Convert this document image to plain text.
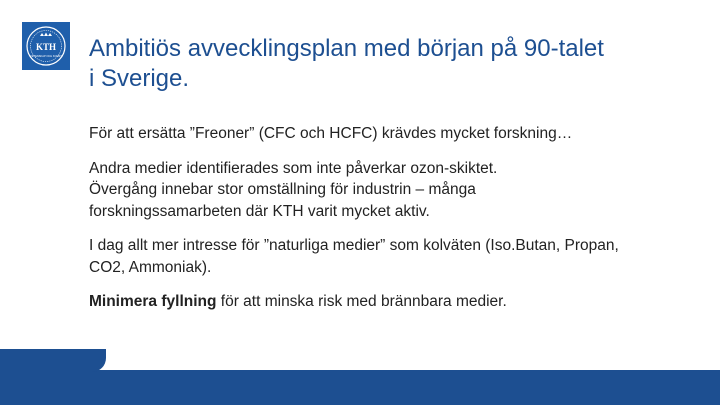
KTH
VETENSKAP OCH KONST Ambitiös avvecklingsplan med början på 90-talet
i Sverige.

För att ersätta ”Freoner” (CFC och HCFC) krävdes mycket forskning…

Andra medier identifierades som inte påverkar ozon-skiktet.
Övergång innebar stor omställning för industrin – många
forskningssamarbeten där KTH varit mycket aktiv.

I dag allt mer intresse för ”naturliga medier” som kolväten (Iso.Butan, Propan,
CO2, Ammoniak).

Minimera fyllning för att minska risk med brännbara medier.
